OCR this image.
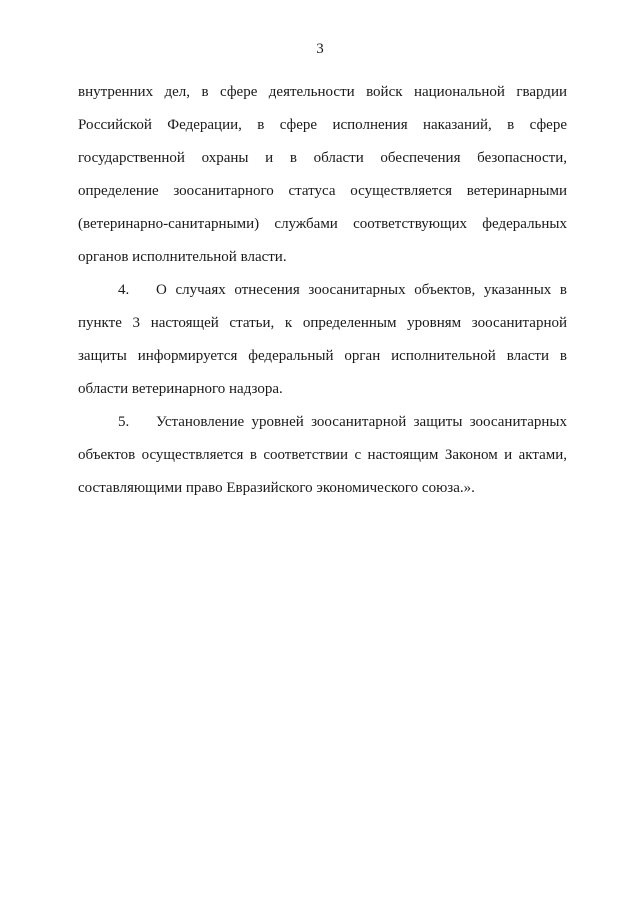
3

внутренних дел, в сфере деятельности войск национальной гвардии Российской Федерации, в сфере исполнения наказаний, в сфере государственной охраны и в области обеспечения безопасности, определение зоосанитарного статуса осуществляется ветеринарными (ветеринарно-санитарными) службами соответствующих федеральных органов исполнительной власти.

4. О случаях отнесения зоосанитарных объектов, указанных в пункте 3 настоящей статьи, к определенным уровням зоосанитарной защиты информируется федеральный орган исполнительной власти в области ветеринарного надзора.

5. Установление уровней зоосанитарной защиты зоосанитарных объектов осуществляется в соответствии с настоящим Законом и актами, составляющими право Евразийского экономического союза.».
